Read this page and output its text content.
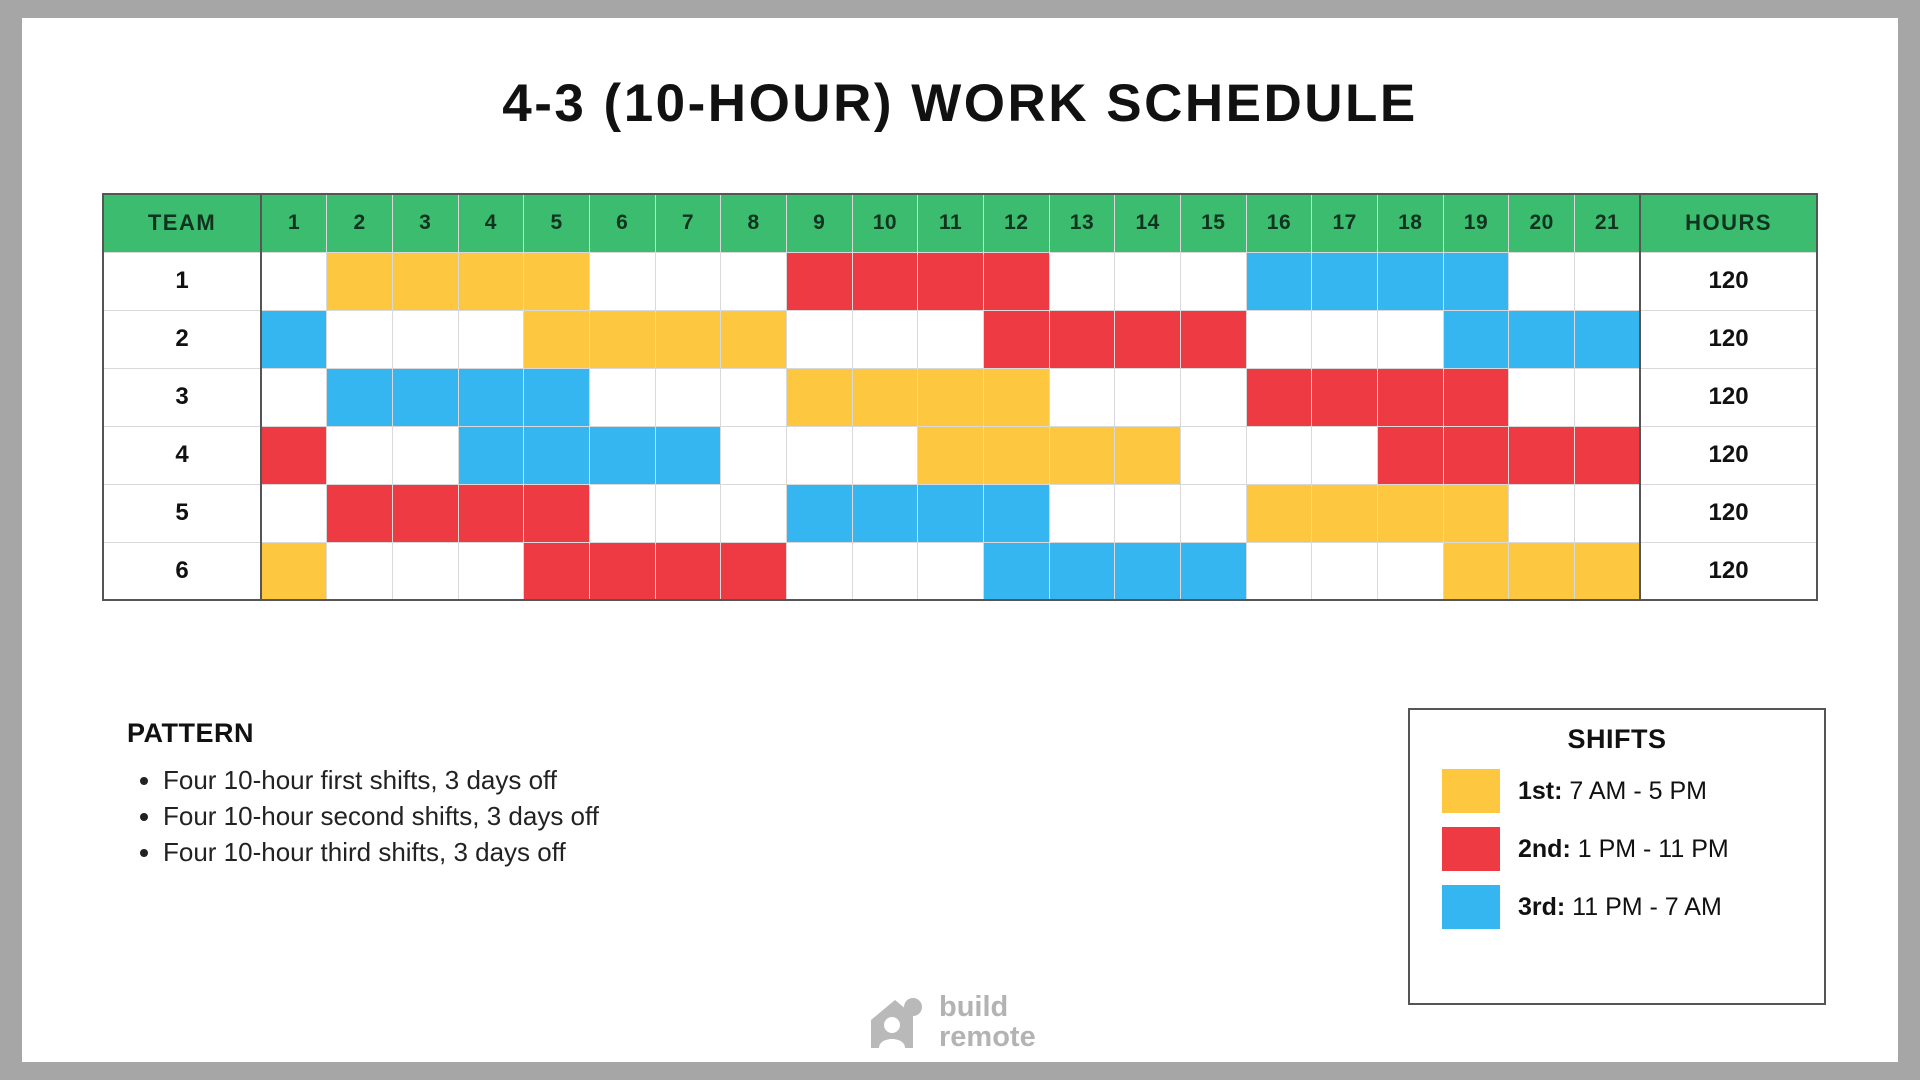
4-3 (10-HOUR) WORK SCHEDULE
TEAM	1	2	3	4	5	6	7	8	9	10	11	12	13	14	15	16	17	18	19	20	21	HOURS
1																						120
2																						120
3																						120
4																						120
5																						120
6																						120
PATTERN
• Four 10-hour first shifts, 3 days off
• Four 10-hour second shifts, 3 days off
• Four 10-hour third shifts, 3 days off
SHIFTS
1st: 7 AM - 5 PM
2nd: 1 PM - 11 PM
3rd: 11 PM - 7 AM
build
remote
